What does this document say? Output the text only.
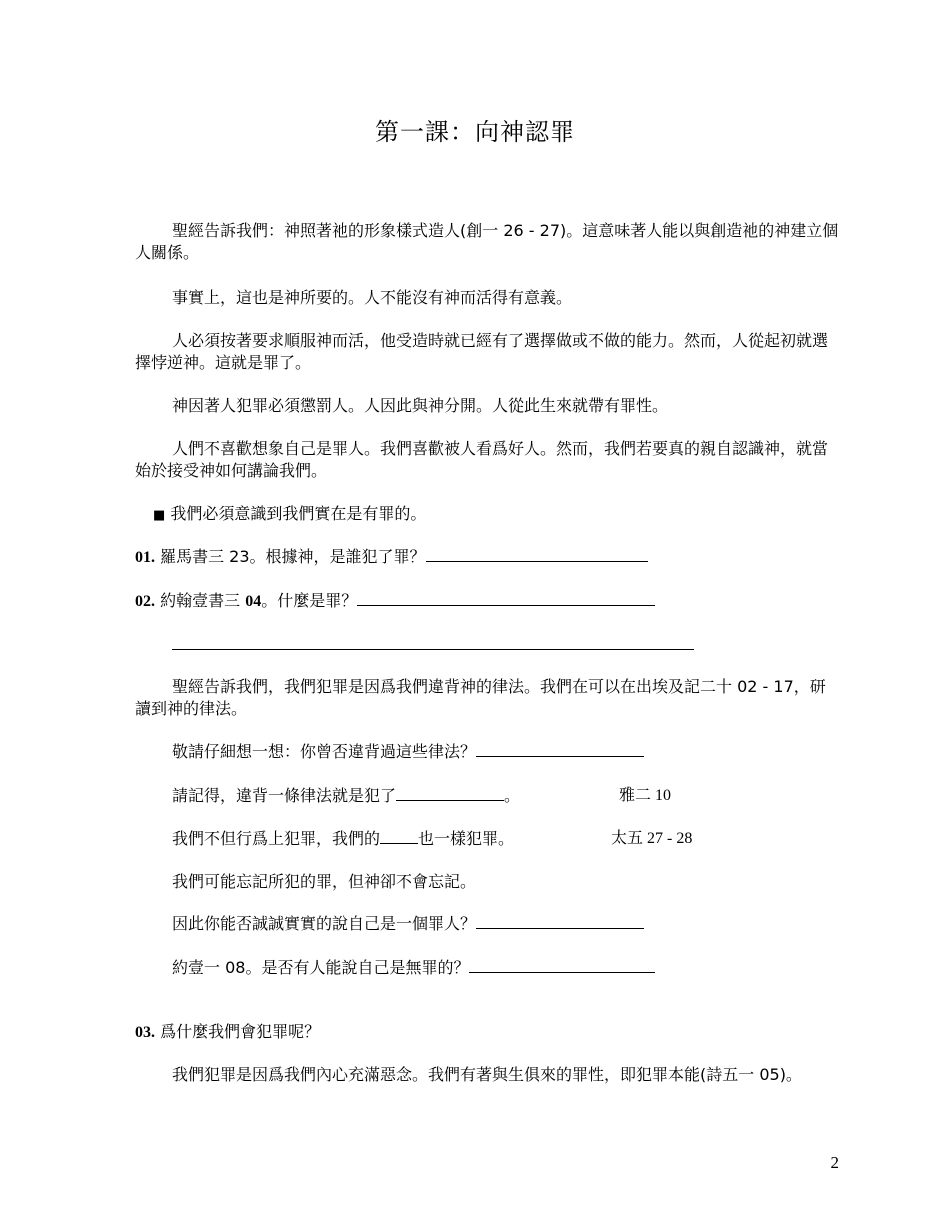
第一課：向神認罪
聖經告訴我們：神照著祂的形象樣式造人(創一 26 - 27)。這意味著人能以與創造祂的神建立個人關係。
事實上，這也是神所要的。人不能沒有神而活得有意義。
人必須按著要求順服神而活，他受造時就已經有了選擇做或不做的能力。然而，人從起初就選擇悖逆神。這就是罪了。
神因著人犯罪必須懲罰人。人因此與神分開。人從此生來就帶有罪性。
人們不喜歡想象自己是罪人。我們喜歡被人看爲好人。然而，我們若要真的親自認識神，就當始於接受神如何講論我們。
■ 我們必須意識到我們實在是有罪的。
01. 羅馬書三 23。根據神，是誰犯了罪？
02. 約翰壹書三 04。什麼是罪？
聖經告訴我們，我們犯罪是因爲我們違背神的律法。我們在可以在出埃及記二十 02 - 17，研讀到神的律法。
敬請仔細想一想：你曾否違背過這些律法？
請記得，違背一條律法就是犯了	。	雅二 10
我們不但行爲上犯罪，我們的 也一樣犯罪。	太五 27 - 28
我們可能忘記所犯的罪，但神卻不會忘記。
因此你能否誠誠實實的說自己是一個罪人？
約壹一 08。是否有人能說自己是無罪的？
03. 爲什麼我們會犯罪呢？
我們犯罪是因爲我們內心充滿惡念。我們有著與生俱來的罪性，即犯罪本能(詩五一 05)。
2
